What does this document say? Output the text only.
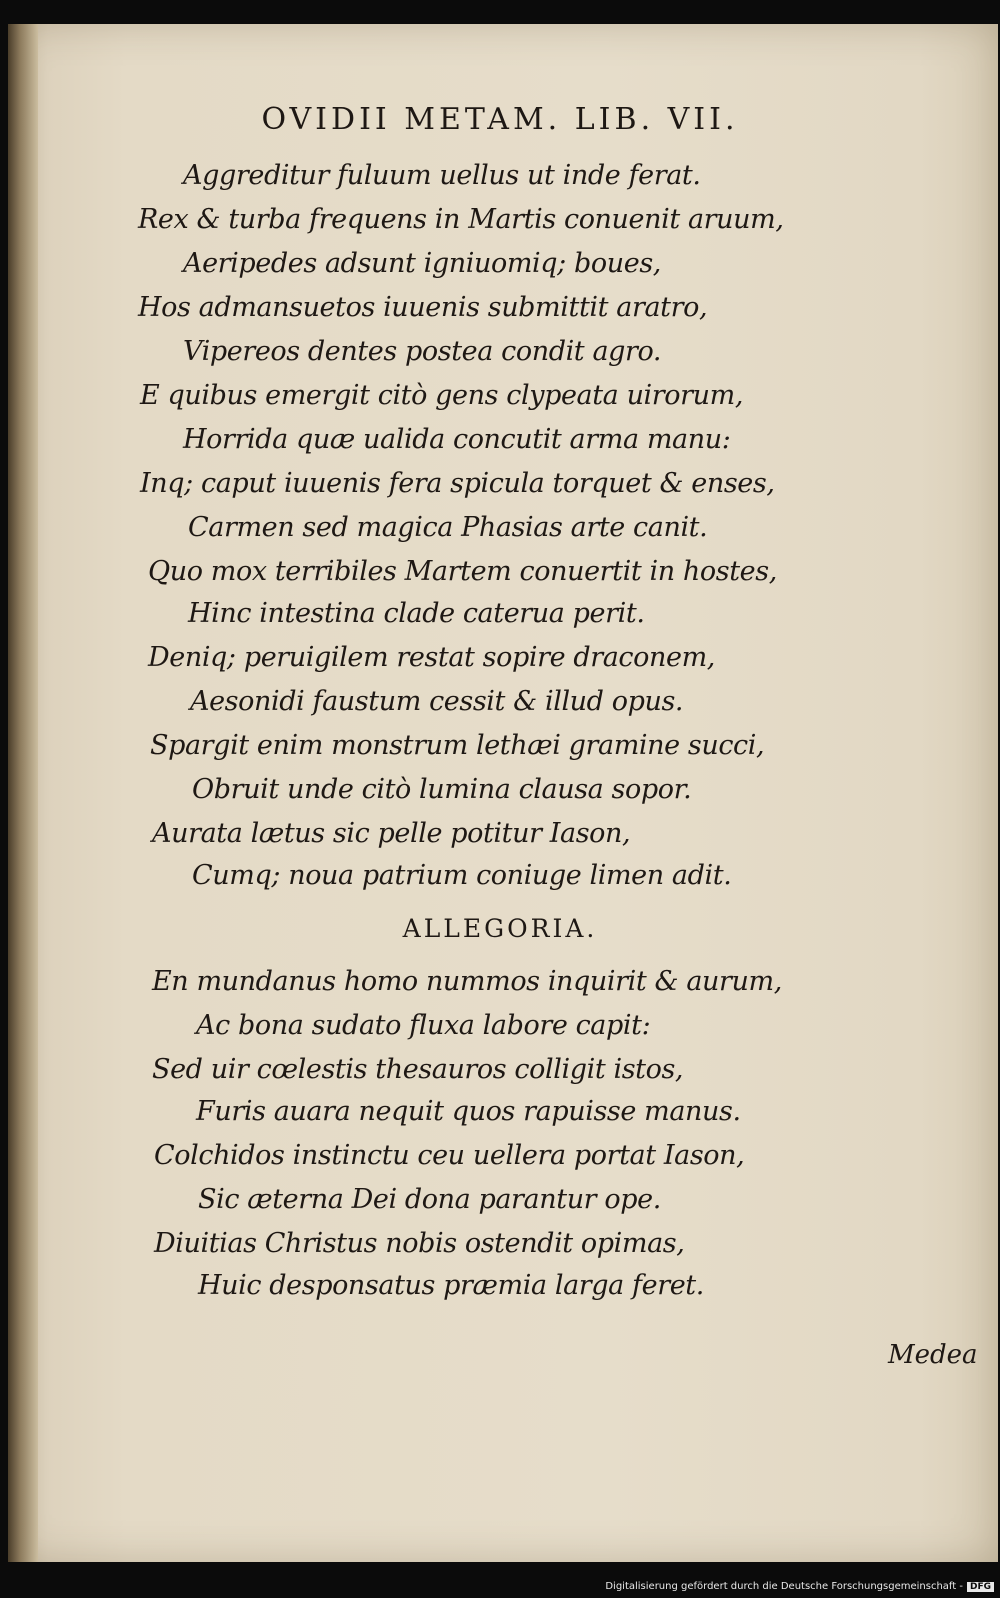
OVIDII METAM. LIB. VII.
Aggreditur fuluum uellus ut inde ferat.
Rex & turba frequens in Martis conuenit aruum,
Aeripedes adsunt igniuomiq; boues,
Hos admansuetos iuuenis submittit aratro,
Vipereos dentes postea condit agro.
E quibus emergit citò gens clypeata uirorum,
Horrida quæ ualida concutit arma manu:
Inq; caput iuuenis fera spicula torquet & enses,
Carmen sed magica Phasias arte canit.
Quo mox terribiles Martem conuertit in hostes,
Hinc intestina clade caterua perit.
Deniq; peruigilem restat sopire draconem,
Aesonidi faustum cessit & illud opus.
Spargit enim monstrum lethæi gramine succi,
Obruit unde citò lumina clausa sopor.
Aurata lætus sic pelle potitur Iason,
Cumq; noua patrium coniuge limen adit.
ALLEGORIA.
En mundanus homo nummos inquirit & aurum,
Ac bona sudato fluxa labore capit:
Sed uir cœlestis thesauros colligit istos,
Furis auara nequit quos rapuisse manus.
Colchidos instinctu ceu uellera portat Iason,
Sic æterna Dei dona parantur ope.
Diuitias Christus nobis ostendit opimas,
Huic desponsatus præmia larga feret.
Medea
Digitalisierung gefördert durch die Deutsche Forschungsgemeinschaft - DFG
